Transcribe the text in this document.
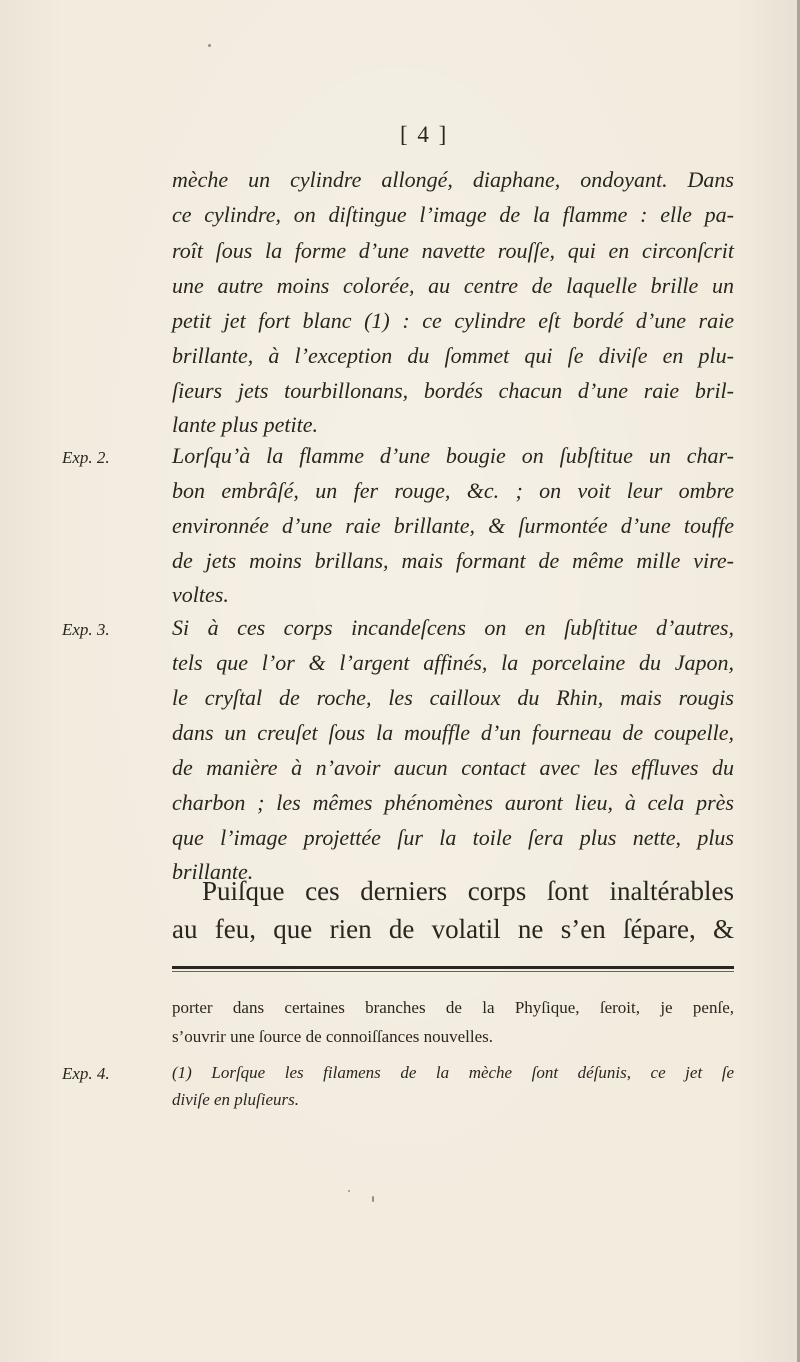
[ 4 ]
mèche un cylindre allongé, diaphane, ondoyant. Dans
ce cylindre, on diſtingue l’image de la flamme : elle pa-
roît ſous la forme d’une navette rouſſe, qui en circonſcrit
une autre moins colorée, au centre de laquelle brille un
petit jet fort blanc (1) : ce cylindre eſt bordé d’une raie
brillante, à l’exception du ſommet qui ſe diviſe en plu-
ſieurs jets tourbillonans, bordés chacun d’une raie bril-
lante plus petite.
Exp. 2.	Lorſqu’à la flamme d’une bougie on ſubſtitue un char-
bon embrâſé, un fer rouge, &c. ; on voit leur ombre
environnée d’une raie brillante, & ſurmontée d’une touffe
de jets moins brillans, mais formant de même mille vire-
voltes.
Exp. 3.	Si à ces corps incandeſcens on en ſubſtitue d’autres,
tels que l’or & l’argent affinés, la porcelaine du Japon,
le cryſtal de roche, les cailloux du Rhin, mais rougis
dans un creuſet ſous la mouffle d’un fourneau de coupelle,
de manière à n’avoir aucun contact avec les effluves du
charbon ; les mêmes phénomènes auront lieu, à cela près
que l’image projettée ſur la toile ſera plus nette, plus
brillante.
Puiſque ces derniers corps ſont inaltérables
au feu, que rien de volatil ne s’en ſépare, &
porter dans certaines branches de la Phyſique, ſeroit, je penſe,
s’ouvrir une ſource de connoiſſances nouvelles.
Exp. 4.	(1) Lorſque les filamens de la mèche ſont déſunis, ce jet ſe
diviſe en pluſieurs.
